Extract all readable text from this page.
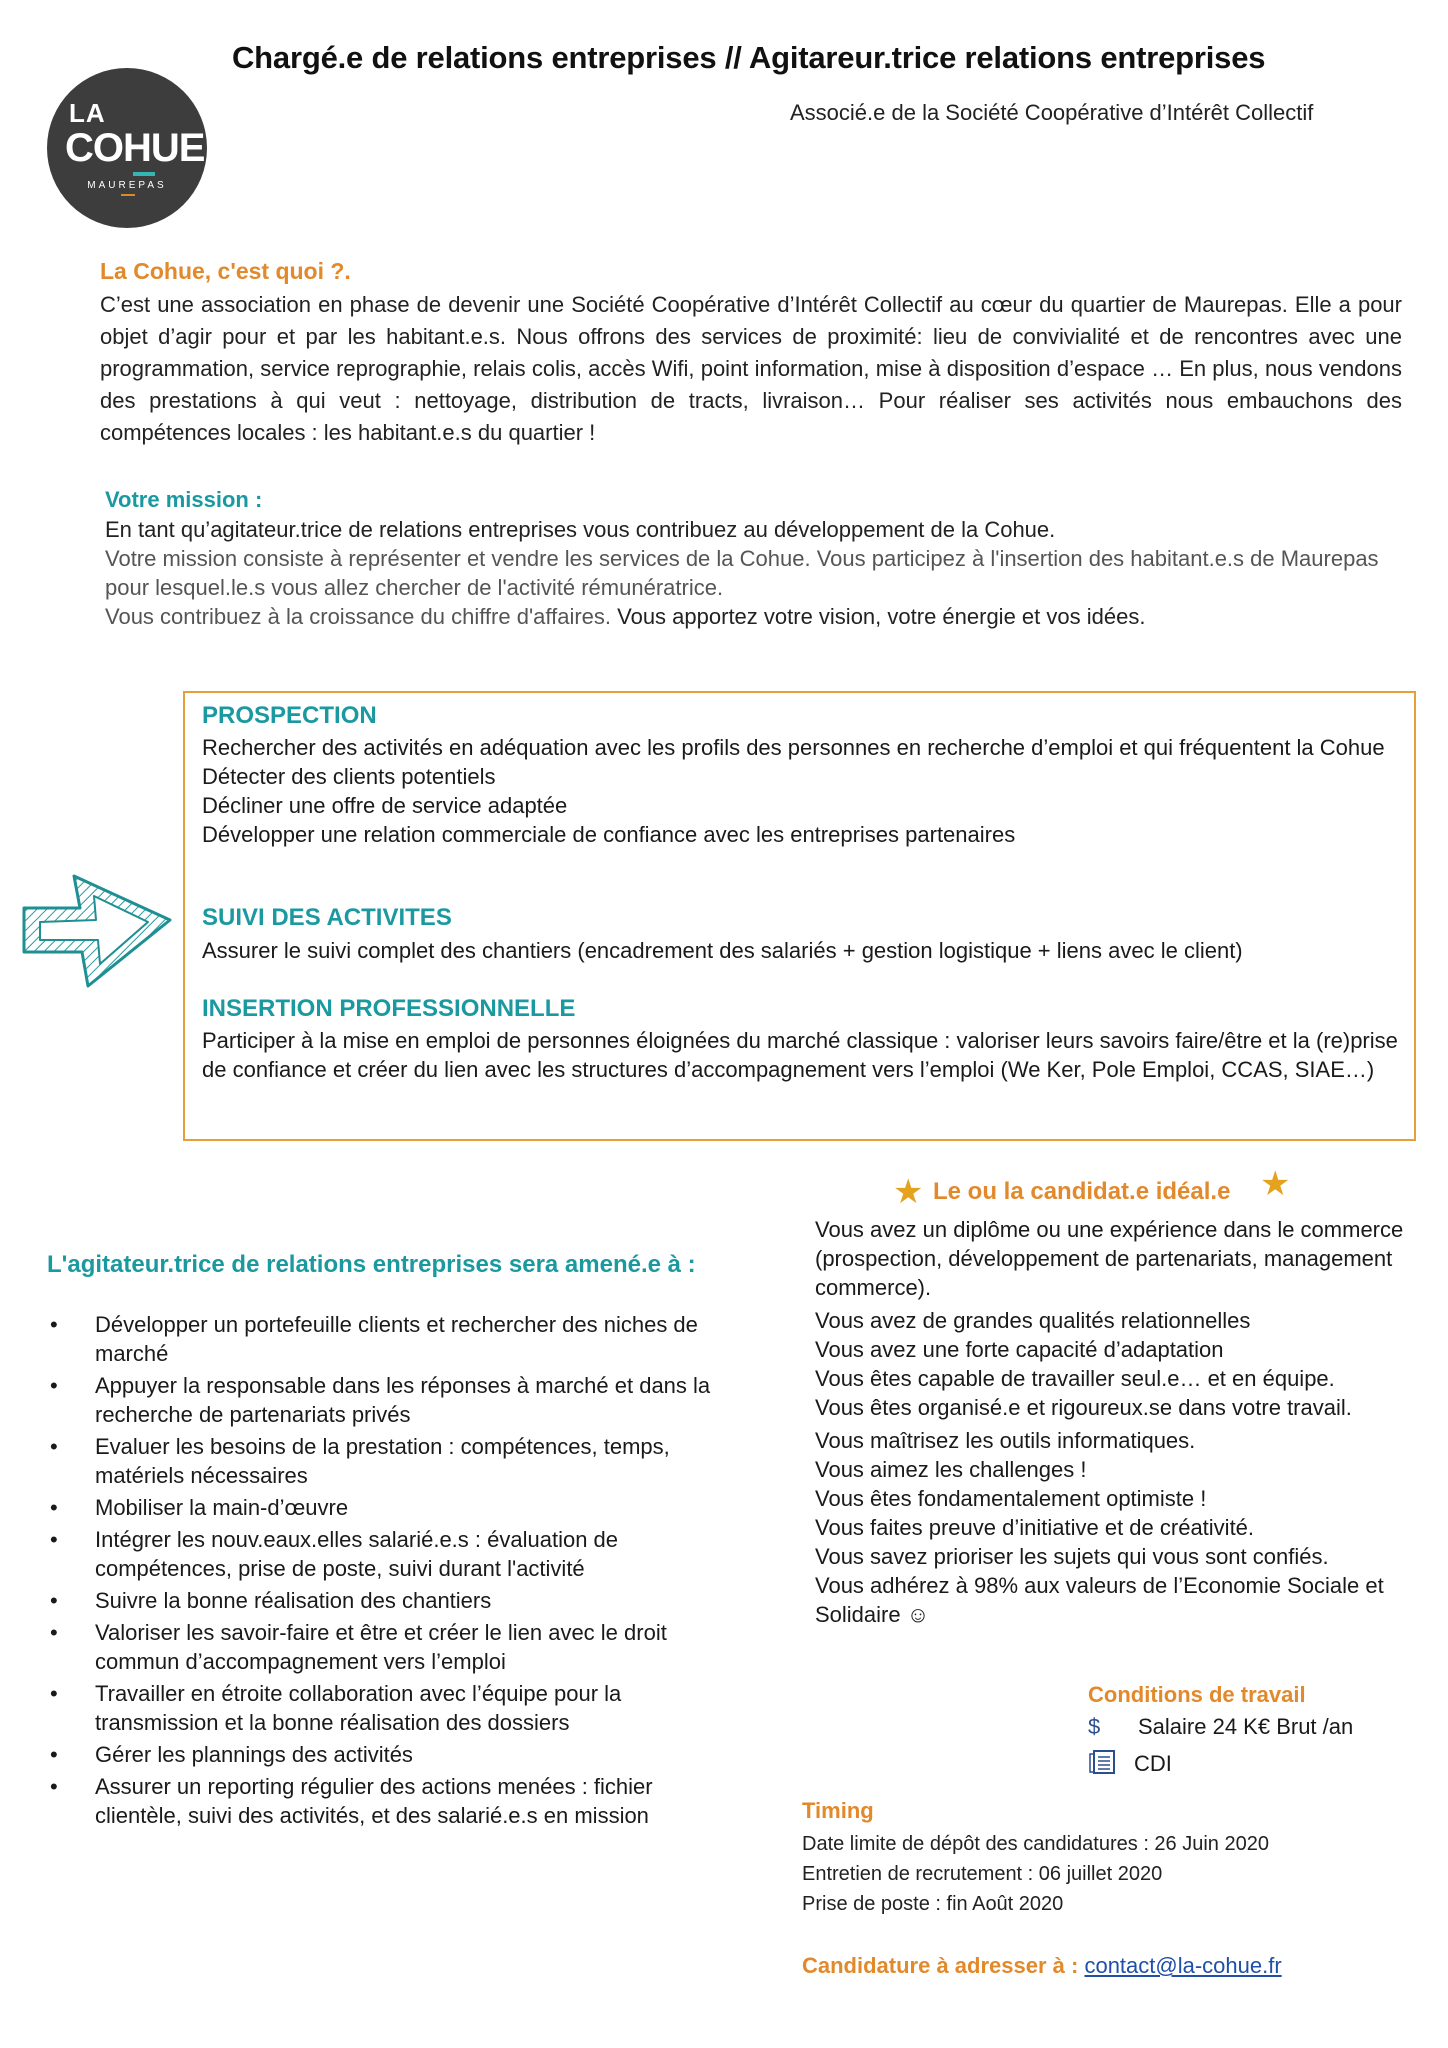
Chargé.e de relations entreprises // Agitareur.trice relations entreprises
Associé.e de la Société Coopérative d’Intérêt Collectif
LA
COHUE
MAUREPAS
La Cohue, c'est quoi ?.
C’est une association en phase de devenir une Société Coopérative d’Intérêt Collectif au cœur du quartier de Maurepas. Elle a pour objet d’agir pour et par les habitant.e.s. Nous offrons des services de proximité: lieu de convivialité et de rencontres avec une programmation, service reprographie, relais colis, accès Wifi, point information, mise à disposition d’espace … En plus, nous vendons des prestations à qui veut : nettoyage, distribution de tracts, livraison… Pour réaliser ses activités nous embauchons des compétences locales : les habitant.e.s du quartier !
Votre mission :
En tant qu’agitateur.trice de relations entreprises vous contribuez au développement de la Cohue.
Votre mission consiste à représenter et vendre les services de la Cohue. Vous participez à l'insertion des habitant.e.s de Maurepas pour lesquel.le.s vous allez chercher de l'activité rémunératrice.
Vous contribuez à la croissance du chiffre d'affaires. Vous apportez votre vision, votre énergie et vos idées.
PROSPECTION
Rechercher des activités en adéquation avec les profils des personnes en recherche d’emploi et qui fréquentent la Cohue
Détecter des clients potentiels
Décliner une offre de service adaptée
Développer une relation commerciale de confiance avec les entreprises partenaires
SUIVI DES ACTIVITES
Assurer le suivi complet des chantiers (encadrement des salariés + gestion logistique + liens avec le client)
INSERTION PROFESSIONNELLE
Participer à la mise en emploi de personnes éloignées du marché classique : valoriser leurs savoirs faire/être et la (re)prise de confiance et créer du lien avec les structures d’accompagnement vers l’emploi (We Ker, Pole Emploi, CCAS, SIAE…)
L'agitateur.trice de relations entreprises sera amené.e à :
• Développer un portefeuille clients et rechercher des niches de marché
• Appuyer la responsable dans les réponses à marché et dans la recherche de partenariats privés
• Evaluer les besoins de la prestation : compétences, temps, matériels nécessaires
• Mobiliser la main-d’œuvre
• Intégrer les nouv.eaux.elles salarié.e.s : évaluation de compétences, prise de poste, suivi durant l'activité
• Suivre la bonne réalisation des chantiers
• Valoriser les savoir-faire et être et créer le lien avec le droit commun d’accompagnement vers l’emploi
• Travailler en étroite collaboration avec l’équipe pour la transmission et la bonne réalisation des dossiers
• Gérer les plannings des activités
• Assurer un reporting régulier des actions menées : fichier clientèle, suivi des activités, et des salarié.e.s en mission
★ Le ou la candidat.e idéal.e ★
Vous avez un diplôme ou une expérience dans le commerce (prospection, développement de partenariats, management commerce).
Vous avez de grandes qualités relationnelles
Vous avez une forte capacité d’adaptation
Vous êtes capable de travailler seul.e… et en équipe.
Vous êtes organisé.e et rigoureux.se dans votre travail.
Vous maîtrisez les outils informatiques.
Vous aimez les challenges !
Vous êtes fondamentalement optimiste !
Vous faites preuve d’initiative et de créativité.
Vous savez prioriser les sujets qui vous sont confiés.
Vous adhérez à 98% aux valeurs de l’Economie Sociale et Solidaire ☺
Conditions de travail
$ Salaire 24 K€ Brut /an
CDI
Timing
Date limite de dépôt des candidatures : 26 Juin 2020
Entretien de recrutement : 06 juillet 2020
Prise de poste : fin Août 2020
Candidature à adresser à : contact@la-cohue.fr
